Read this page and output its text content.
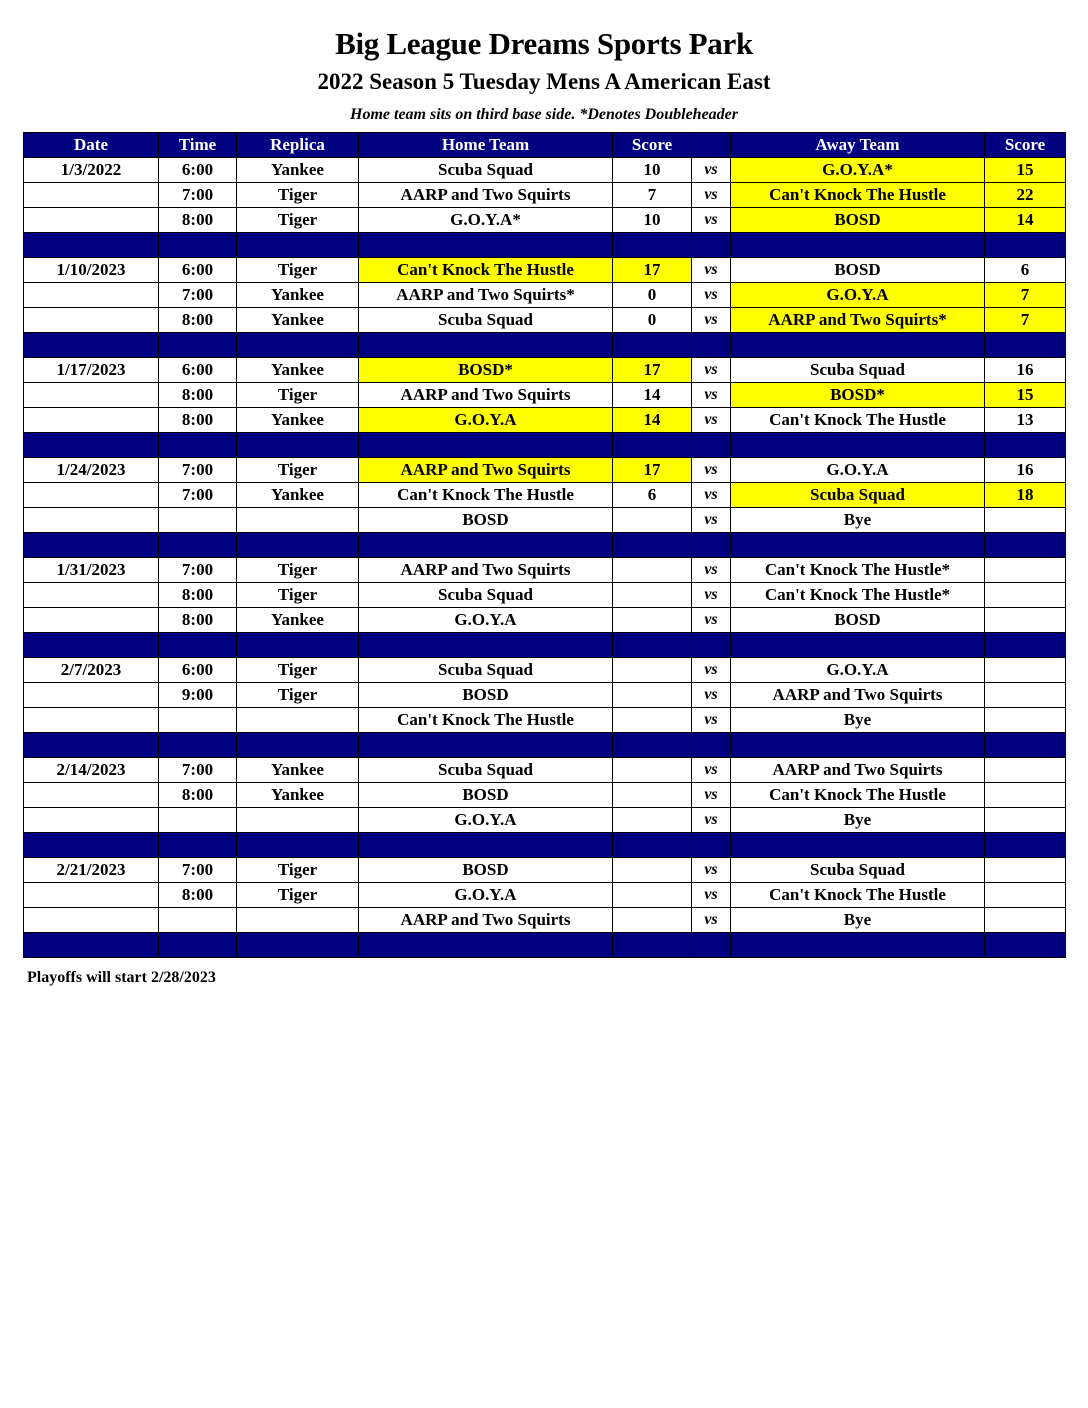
Big League Dreams Sports Park
2022 Season 5 Tuesday Mens A American East
Home team sits on third base side. *Denotes Doubleheader
Date	Time	Replica	Home Team	Score		Away Team	Score
1/3/2022	6:00	Yankee	Scuba Squad	10	vs	G.O.Y.A*	15
	7:00	Tiger	AARP and Two Squirts	7	vs	Can't Knock The Hustle	22
	8:00	Tiger	G.O.Y.A*	10	vs	BOSD	14

1/10/2023	6:00	Tiger	Can't Knock The Hustle	17	vs	BOSD	6
	7:00	Yankee	AARP and Two Squirts*	0	vs	G.O.Y.A	7
	8:00	Yankee	Scuba Squad	0	vs	AARP and Two Squirts*	7

1/17/2023	6:00	Yankee	BOSD*	17	vs	Scuba Squad	16
	8:00	Tiger	AARP and Two Squirts	14	vs	BOSD*	15
	8:00	Yankee	G.O.Y.A	14	vs	Can't Knock The Hustle	13

1/24/2023	7:00	Tiger	AARP and Two Squirts	17	vs	G.O.Y.A	16
	7:00	Yankee	Can't Knock The Hustle	6	vs	Scuba Squad	18
			BOSD		vs	Bye	

1/31/2023	7:00	Tiger	AARP and Two Squirts		vs	Can't Knock The Hustle*	
	8:00	Tiger	Scuba Squad		vs	Can't Knock The Hustle*	
	8:00	Yankee	G.O.Y.A		vs	BOSD	

2/7/2023	6:00	Tiger	Scuba Squad		vs	G.O.Y.A	
	9:00	Tiger	BOSD		vs	AARP and Two Squirts	
			Can't Knock The Hustle		vs	Bye	

2/14/2023	7:00	Yankee	Scuba Squad		vs	AARP and Two Squirts	
	8:00	Yankee	BOSD		vs	Can't Knock The Hustle	
			G.O.Y.A		vs	Bye	

2/21/2023	7:00	Tiger	BOSD		vs	Scuba Squad	
	8:00	Tiger	G.O.Y.A		vs	Can't Knock The Hustle	
			AARP and Two Squirts		vs	Bye	

Playoffs will start 2/28/2023
